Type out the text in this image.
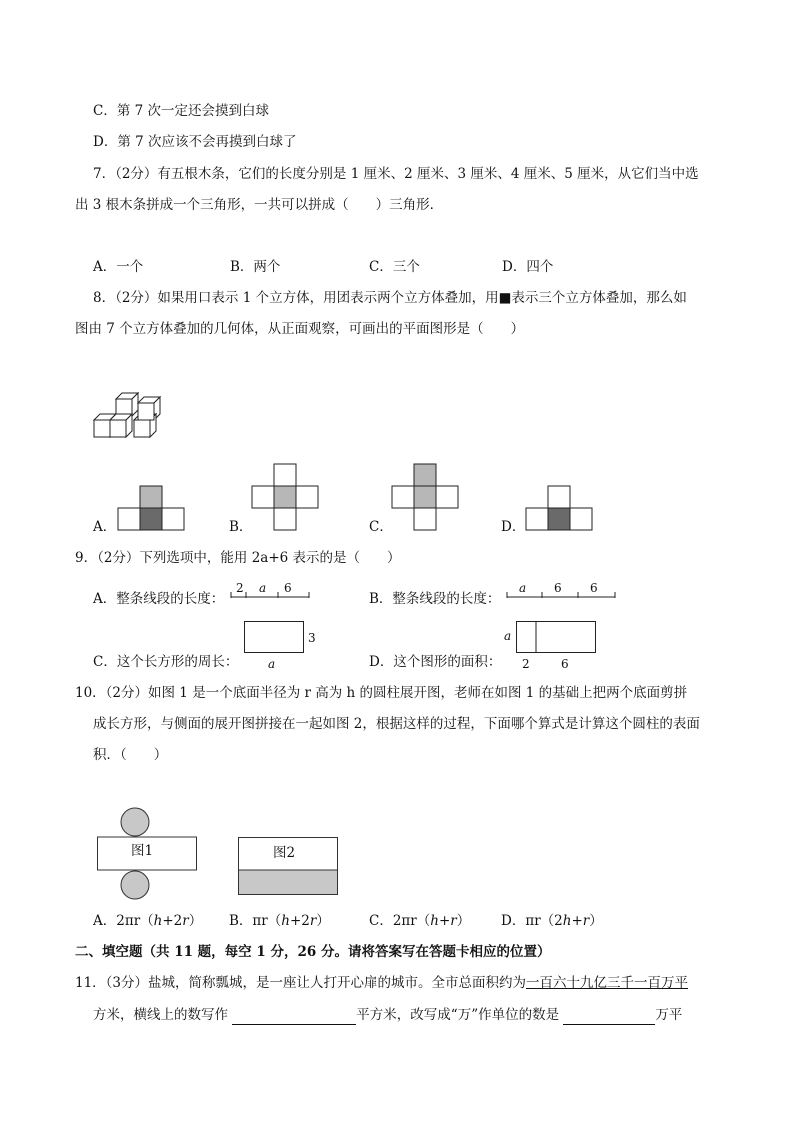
C．第 7 次一定还会摸到白球
D．第 7 次应该不会再摸到白球了
7．（2分）有五根木条，它们的长度分别是 1 厘米、2 厘米、3 厘米、4 厘米、5 厘米，从它们当中选
出 3 根木条拼成一个三角形，一共可以拼成（　　）三角形．
A．一个	B．两个	C．三个	D．四个
8．（2分）如果用口表示 1 个立方体，用团表示两个立方体叠加，用■表示三个立方体叠加，那么如
图由 7 个立方体叠加的几何体，从正面观察，可画出的平面图形是（　　）
A．	B．	C．	D．
9．（2分）下列选项中，能用 2a+6 表示的是（　　）
A．整条线段的长度：
2 a 6
B．整条线段的长度：
a 6 6
C．这个长方形的周长：
3
a	D．这个图形的面积：
a
2	6
10．（2分）如图 1 是一个底面半径为 r 高为 h 的圆柱展开图，老师在如图 1 的基础上把两个底面剪拼
成长方形，与侧面的展开图拼接在一起如图 2，根据这样的过程，下面哪个算式是计算这个圆柱的表面
积．（　　）
图1	图2
A．2πr（h+2r） B．πr（h+2r）	C．2πr（h+r） D．πr（2h+r）
二、填空题（共 11 题，每空 1 分，26 分。请将答案写在答题卡相应的位置）
11．（3分）盐城，简称瓢城，是一座让人打开心扉的城市。全市总面积约为一百六十九亿三千一百万平
方米，横线上的数写作	平方米，改写成“万”作单位的数是	万平
